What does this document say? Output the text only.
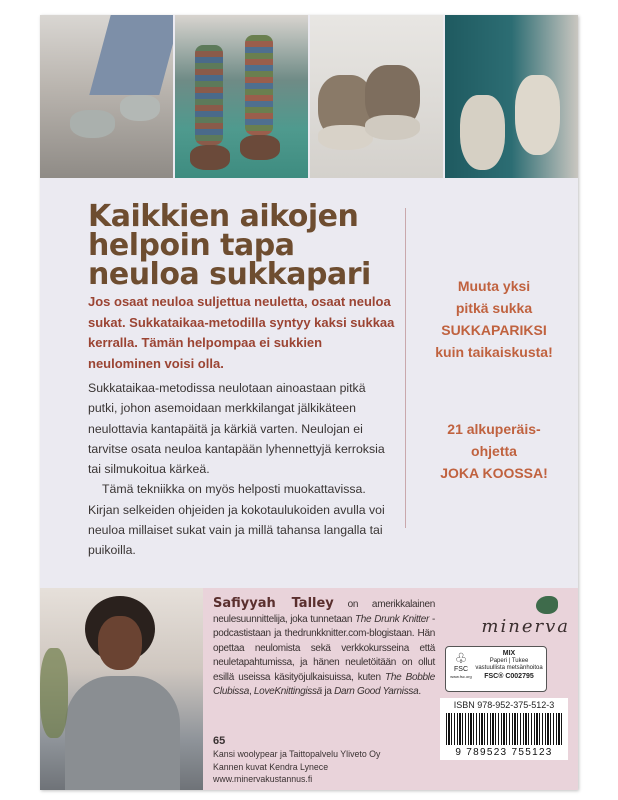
Kaikkien aikojen
helpoin tapa
neuloa sukkapari
Jos osaat neuloa suljettua neuletta, osaat neuloa sukat. Sukkataikaa-metodilla syntyy kaksi sukkaa kerralla. Tämän helpompaa ei sukkien neulominen voisi olla.

Sukkataikaa-metodissa neulotaan ainoastaan pitkä putki, johon asemoidaan merkkilangat jälkikäteen neulottavia kantapäitä ja kärkiä varten. Neulojan ei tarvitse osata neuloa kantapään lyhennettyjä kerroksia tai silmukoitua kärkeä.

Tämä tekniikka on myös helposti muokattavissa. Kirjan selkeiden ohjeiden ja kokotaulukoiden avulla voi neuloa millaiset sukat vain ja millä tahansa langalla tai puikoilla.

Muuta yksi
pitkä sukka
SUKKAPARIKSI
kuin taikaiskusta!
21 alkuperäis-
ohjetta
JOKA KOOSSA!
Safiyyah Talley on amerikkalainen neulesuunnittelija, joka tunnetaan The Drunk Knitter -podcastistaan ja thedrunkknitter.com-blogistaan. Hän opettaa neulomista sekä verkkokursseina että neuletapahtumissa, ja hänen neuletöitään on ollut esillä useissa käsityöjulkaisuissa, kuten The Bobble Clubissa, LoveKnittingissä ja Darn Good Yarnissa.
65
Kansi woolypear ja Taittopalvelu Yliveto Oy
Kannen kuvat Kendra Lynece
www.minervakustannus.fi
minerva
♧
FSC
www.fsc.org
MIX
Paperi | Tukee vastuullista metsänhoitoa
FSC® C002795
ISBN 978-952-375-512-3
9 789523 755123
